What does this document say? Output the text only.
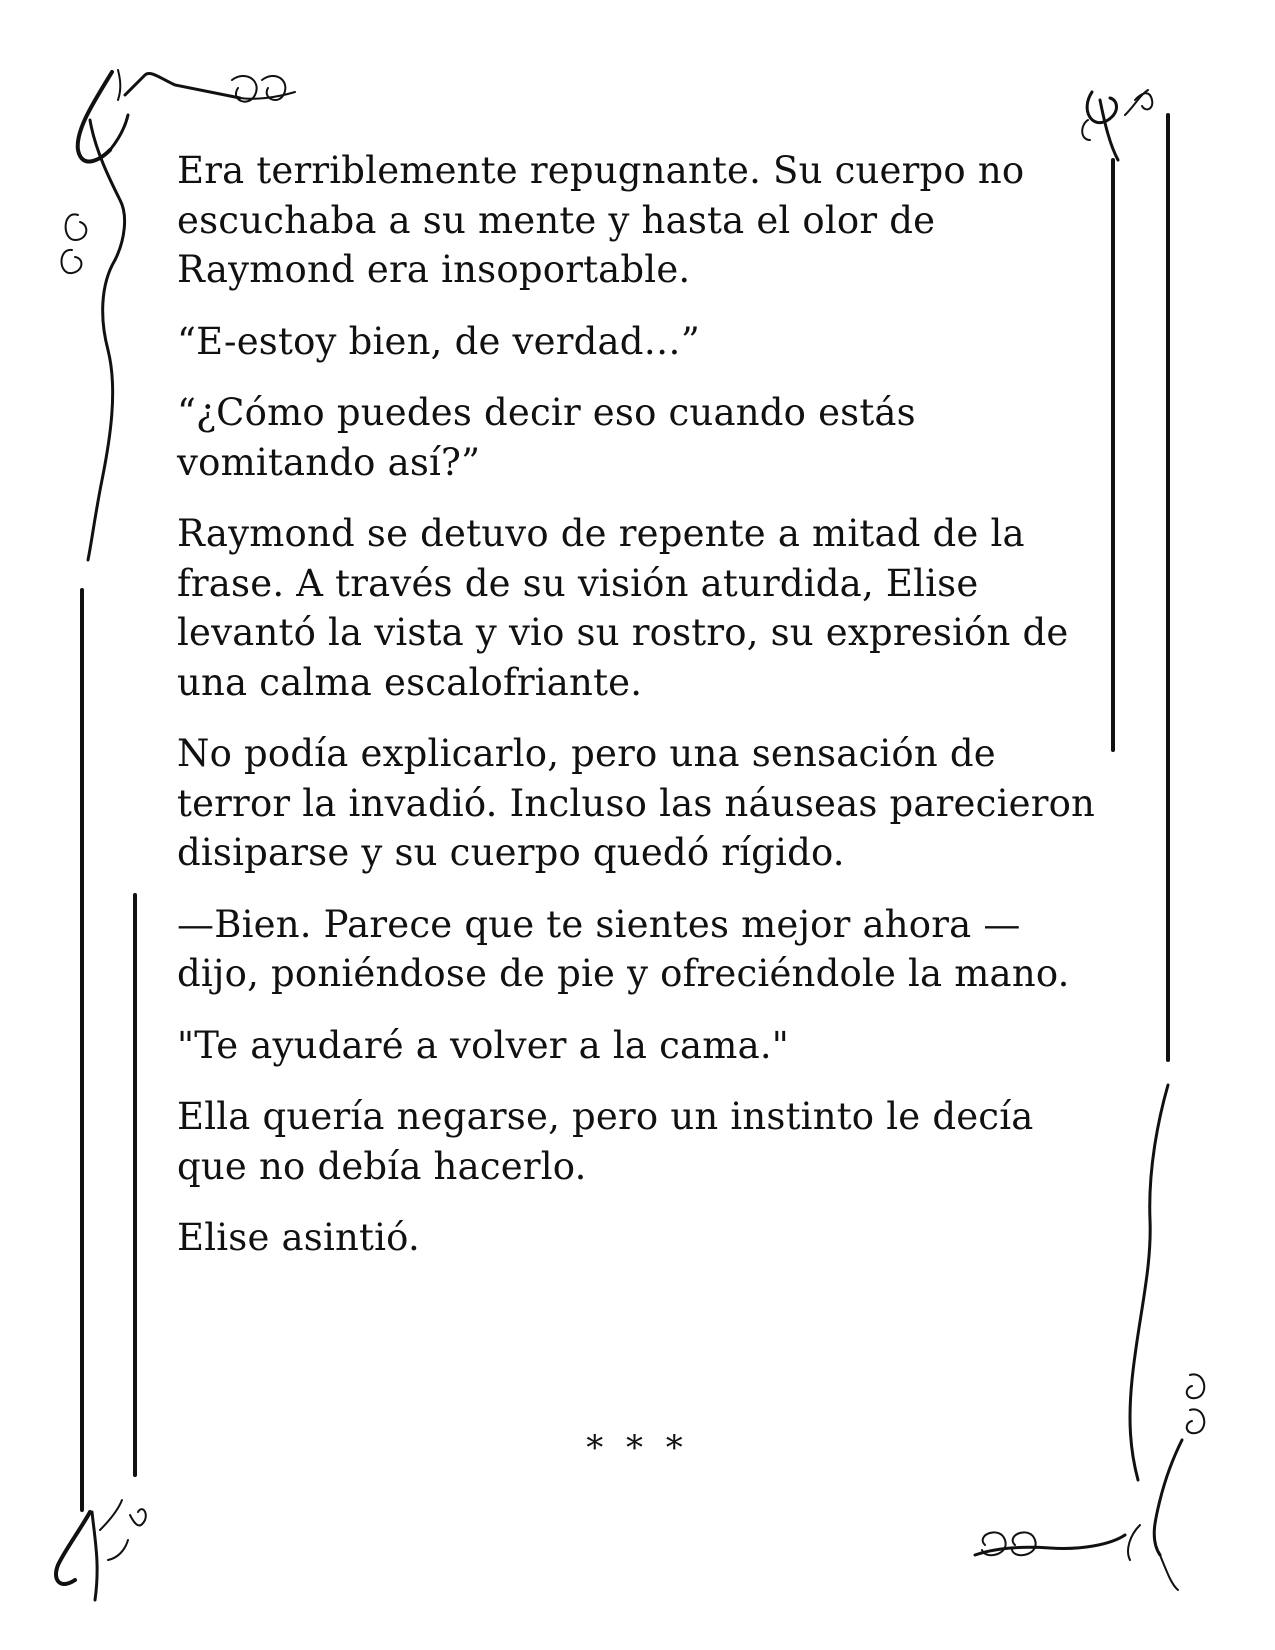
Era terriblemente repugnante. Su cuerpo no escuchaba a su mente y hasta el olor de Raymond era insoportable.

“E-estoy bien, de verdad…”

“¿Cómo puedes decir eso cuando estás vomitando así?”

Raymond se detuvo de repente a mitad de la frase. A través de su visión aturdida, Elise levantó la vista y vio su rostro, su expresión de una calma escalofriante.

No podía explicarlo, pero una sensación de terror la invadió. Incluso las náuseas parecieron disiparse y su cuerpo quedó rígido.

—Bien. Parece que te sientes mejor ahora —dijo, poniéndose de pie y ofreciéndole la mano.

"Te ayudaré a volver a la cama."

Ella quería negarse, pero un instinto le decía que no debía hacerlo.

Elise asintió.

* * *
